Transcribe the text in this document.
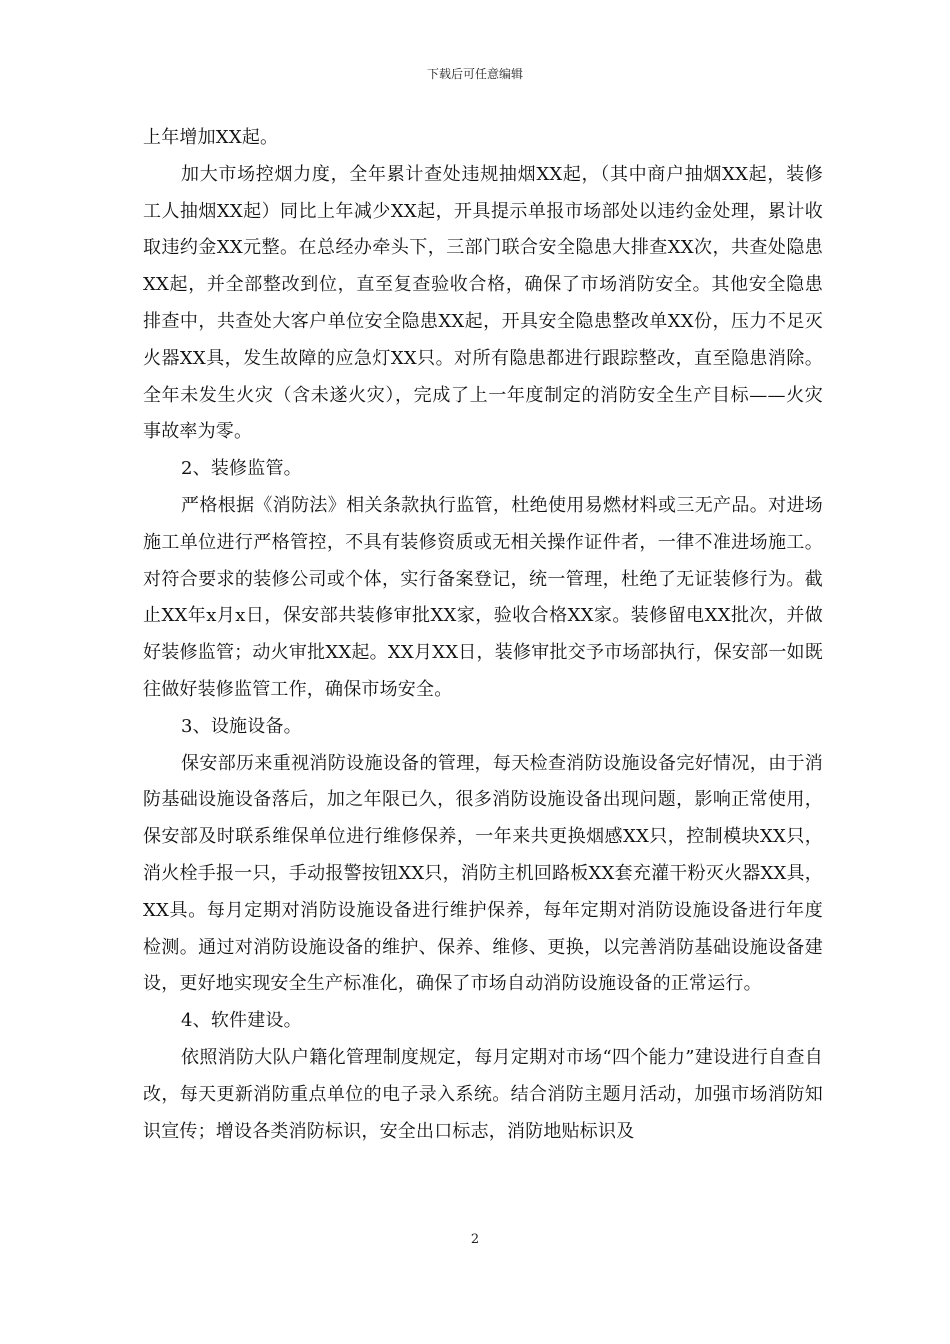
下载后可任意编辑

上年增加XX起。

加大市场控烟力度，全年累计查处违规抽烟XX起，（其中商户抽烟XX起，装修工人抽烟XX起）同比上年减少XX起，开具提示单报市场部处以违约金处理，累计收取违约金XX元整。在总经办牵头下，三部门联合安全隐患大排查XX次，共查处隐患XX起，并全部整改到位，直至复查验收合格，确保了市场消防安全。其他安全隐患排查中，共查处大客户单位安全隐患XX起，开具安全隐患整改单XX份，压力不足灭火器XX具，发生故障的应急灯XX只。对所有隐患都进行跟踪整改，直至隐患消除。全年未发生火灾（含未遂火灾），完成了上一年度制定的消防安全生产目标——火灾事故率为零。

2、装修监管。

严格根据《消防法》相关条款执行监管，杜绝使用易燃材料或三无产品。对进场施工单位进行严格管控，不具有装修资质或无相关操作证件者，一律不准进场施工。对符合要求的装修公司或个体，实行备案登记，统一管理，杜绝了无证装修行为。截止XX年x月x日，保安部共装修审批XX家，验收合格XX家。装修留电XX批次，并做好装修监管；动火审批XX起。XX月XX日，装修审批交予市场部执行，保安部一如既往做好装修监管工作，确保市场安全。

3、设施设备。

保安部历来重视消防设施设备的管理，每天检查消防设施设备完好情况，由于消防基础设施设备落后，加之年限已久，很多消防设施设备出现问题，影响正常使用，保安部及时联系维保单位进行维修保养，一年来共更换烟感XX只，控制模块XX只，消火栓手报一只，手动报警按钮XX只，消防主机回路板XX套充灌干粉灭火器XX具，XX具。每月定期对消防设施设备进行维护保养，每年定期对消防设施设备进行年度检测。通过对消防设施设备的维护、保养、维修、更换，以完善消防基础设施设备建设，更好地实现安全生产标准化，确保了市场自动消防设施设备的正常运行。

4、软件建设。

依照消防大队户籍化管理制度规定，每月定期对市场“四个能力”建设进行自查自改，每天更新消防重点单位的电子录入系统。结合消防主题月活动，加强市场消防知识宣传；增设各类消防标识，安全出口标志，消防地贴标识及

2
